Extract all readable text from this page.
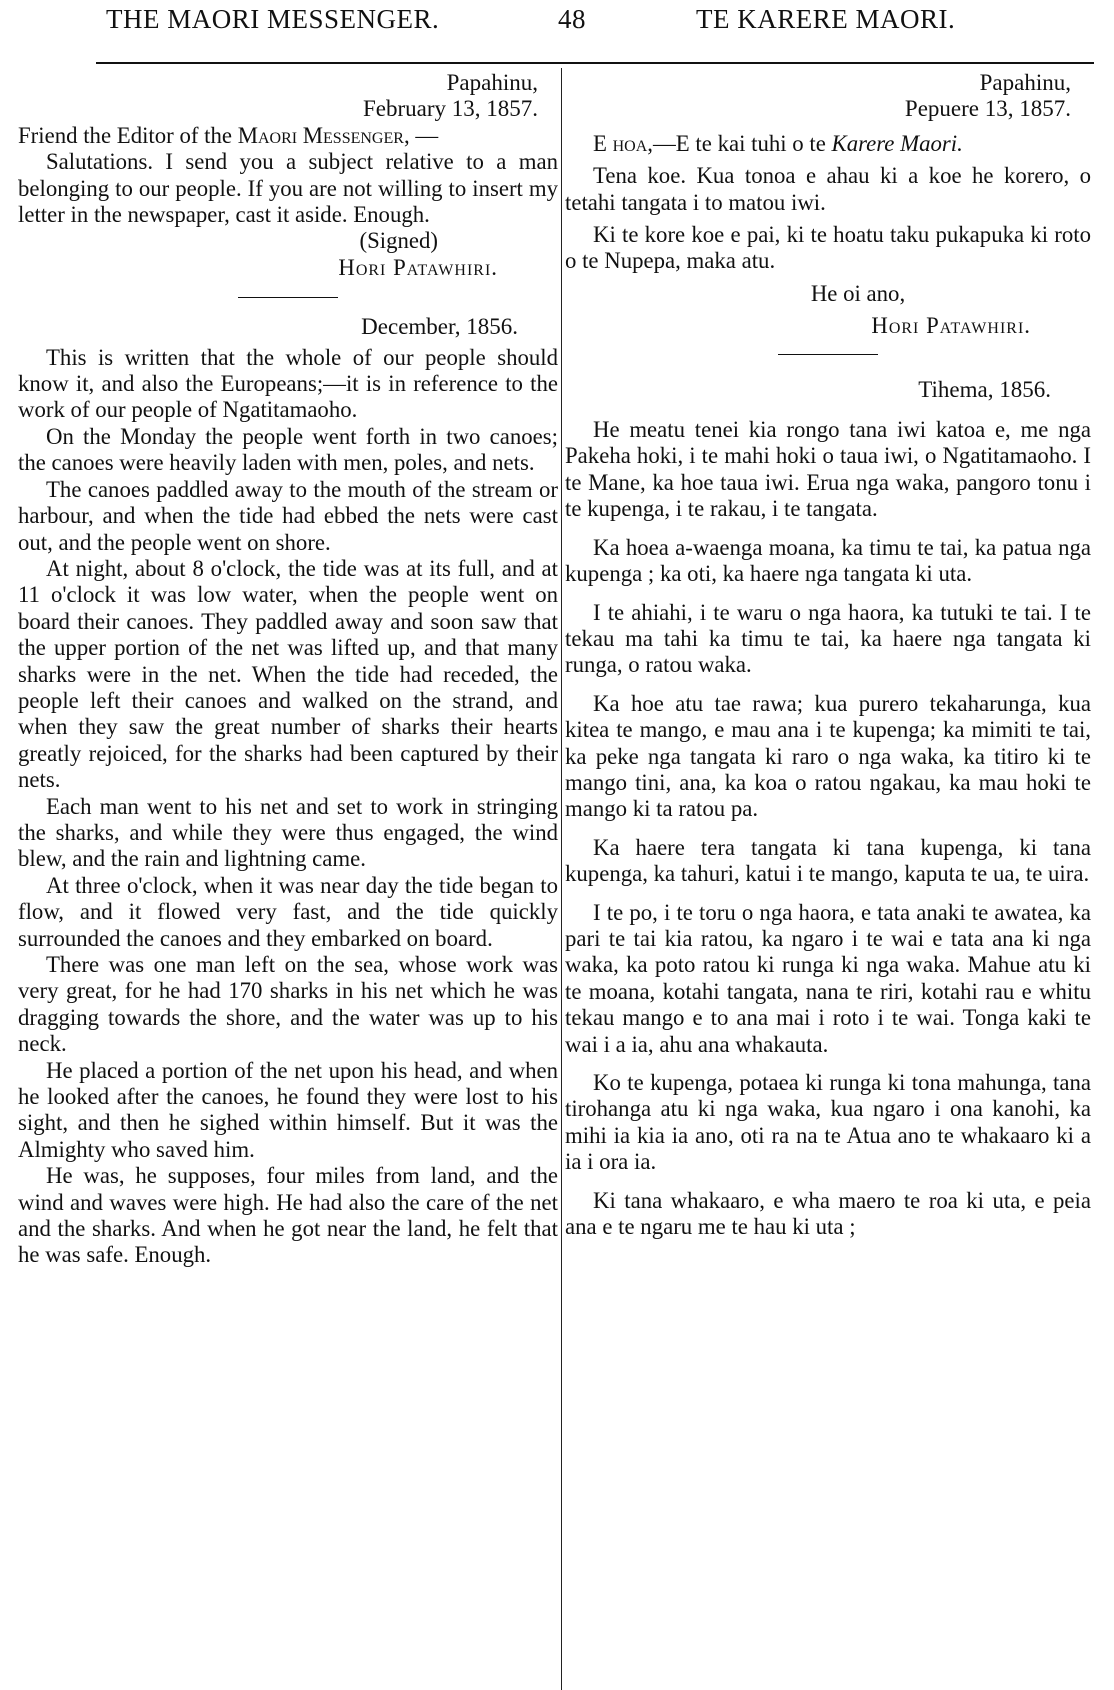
THE MAORI MESSENGER.	48	TE KARERE MAORI.

Papahinu,

February 13, 1857.

Friend the Editor of the Maori Messenger, —

Salutations. I send you a subject relative to a man belonging to our people. If you are not willing to insert my letter in the newspaper, cast it aside. Enough.

(Signed)

Hori Patawhiri.

December, 1856.

This is written that the whole of our people should know it, and also the Europeans;—it is in reference to the work of our people of Ngatitamaoho.

On the Monday the people went forth in two canoes; the canoes were heavily laden with men, poles, and nets.

The canoes paddled away to the mouth of the stream or harbour, and when the tide had ebbed the nets were cast out, and the people went on shore.

At night, about 8 o'clock, the tide was at its full, and at 11 o'clock it was low water, when the people went on board their canoes. They paddled away and soon saw that the upper portion of the net was lifted up, and that many sharks were in the net. When the tide had receded, the people left their canoes and walked on the strand, and when they saw the great number of sharks their hearts greatly rejoiced, for the sharks had been captured by their nets.

Each man went to his net and set to work in stringing the sharks, and while they were thus engaged, the wind blew, and the rain and lightning came.

At three o'clock, when it was near day the tide began to flow, and it flowed very fast, and the tide quickly surrounded the canoes and they embarked on board.

There was one man left on the sea, whose work was very great, for he had 170 sharks in his net which he was dragging towards the shore, and the water was up to his neck.

He placed a portion of the net upon his head, and when he looked after the canoes, he found they were lost to his sight, and then he sighed within himself. But it was the Almighty who saved him.

He was, he supposes, four miles from land, and the wind and waves were high. He had also the care of the net and the sharks. And when he got near the land, he felt that he was safe. Enough.

Papahinu,

Pepuere 13, 1857.

E hoa,—E te kai tuhi o te Karere Maori.

Tena koe. Kua tonoa e ahau ki a koe he korero, o tetahi tangata i to matou iwi.

Ki te kore koe e pai, ki te hoatu taku pukapuka ki roto o te Nupepa, maka atu.

He oi ano,

Hori Patawhiri.

Tihema, 1856.

He meatu tenei kia rongo tana iwi katoa e, me nga Pakeha hoki, i te mahi hoki o taua iwi, o Ngatitamaoho. I te Mane, ka hoe taua iwi. Erua nga waka, pangoro tonu i te kupenga, i te rakau, i te tangata.

Ka hoea a-waenga moana, ka timu te tai, ka patua nga kupenga ; ka oti, ka haere nga tangata ki uta.

I te ahiahi, i te waru o nga haora, ka tutuki te tai. I te tekau ma tahi ka timu te tai, ka haere nga tangata ki runga, o ratou waka.

Ka hoe atu tae rawa; kua purero tekaharunga, kua kitea te mango, e mau ana i te kupenga; ka mimiti te tai, ka peke nga tangata ki raro o nga waka, ka titiro ki te mango tini, ana, ka koa o ratou ngakau, ka mau hoki te mango ki ta ratou pa.

Ka haere tera tangata ki tana kupenga, ki tana kupenga, ka tahuri, katui i te mango, kaputa te ua, te uira.

I te po, i te toru o nga haora, e tata anaki te awatea, ka pari te tai kia ratou, ka ngaro i te wai e tata ana ki nga waka, ka poto ratou ki runga ki nga waka. Mahue atu ki te moana, kotahi tangata, nana te riri, kotahi rau e whitu tekau mango e to ana mai i roto i te wai. Tonga kaki te wai i a ia, ahu ana whakauta.

Ko te kupenga, potaea ki runga ki tona mahunga, tana tirohanga atu ki nga waka, kua ngaro i ona kanohi, ka mihi ia kia ia ano, oti ra na te Atua ano te whakaaro ki a ia i ora ia.

Ki tana whakaaro, e wha maero te roa ki uta, e peia ana e te ngaru me te hau ki uta ;
